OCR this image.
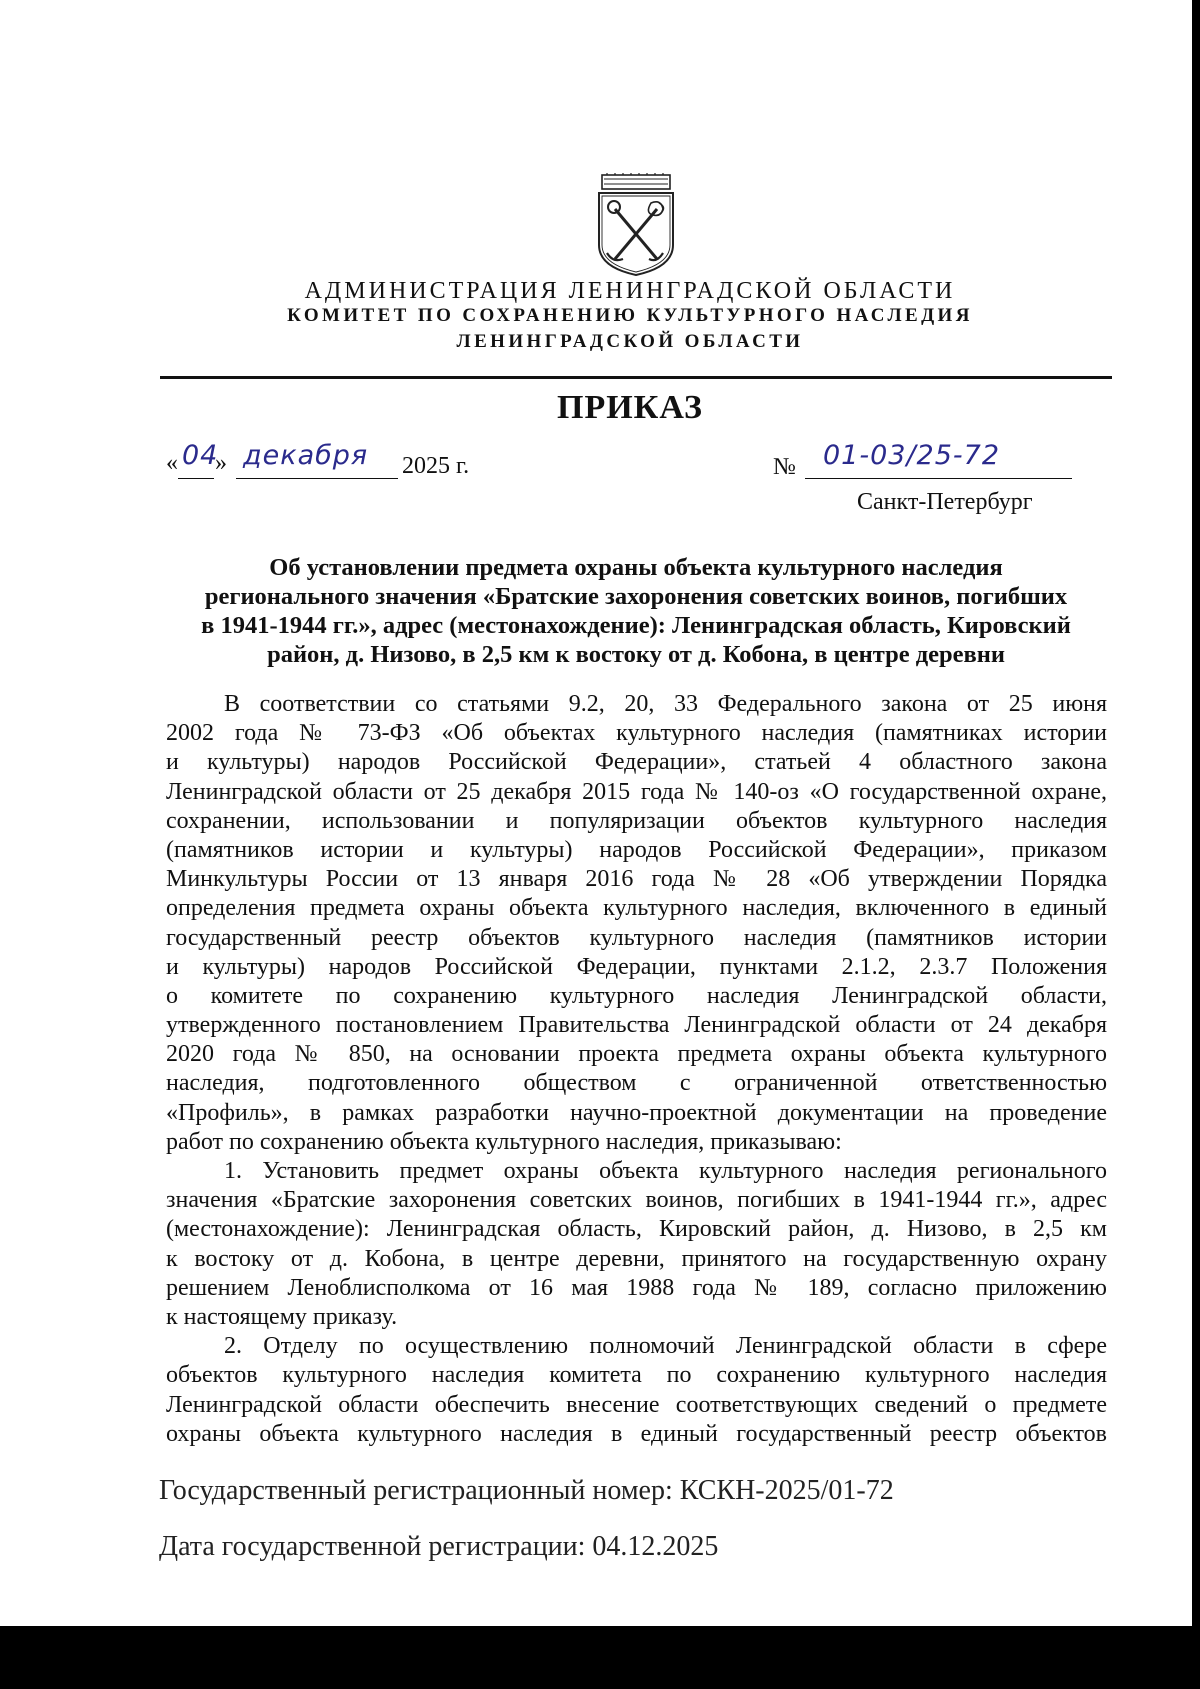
АДМИНИСТРАЦИЯ ЛЕНИНГРАДСКОЙ ОБЛАСТИ
КОМИТЕТ ПО СОХРАНЕНИЮ КУЛЬТУРНОГО НАСЛЕДИЯ
ЛЕНИНГРАДСКОЙ ОБЛАСТИ
ПРИКАЗ
« 04
» декабря 2025 г.	№ 01-03/25-72
Санкт-Петербург
Об установлении предмета охраны объекта культурного наследия
регионального значения «Братские захоронения советских воинов, погибших
в 1941-1944 гг.», адрес (местонахождение): Ленинградская область, Кировский
район, д. Низово, в 2,5 км к востоку от д. Кобона, в центре деревни
В соответствии со статьями 9.2, 20, 33 Федерального закона от 25 июня
2002 года № 73-ФЗ «Об объектах культурного наследия (памятниках истории
и культуры) народов Российской Федерации», статьей 4 областного закона
Ленинградской области от 25 декабря 2015 года № 140-оз «О государственной охране,
сохранении, использовании и популяризации объектов культурного наследия
(памятников истории и культуры) народов Российской Федерации», приказом
Минкультуры России от 13 января 2016 года № 28 «Об утверждении Порядка
определения предмета охраны объекта культурного наследия, включенного в единый
государственный реестр объектов культурного наследия (памятников истории
и культуры) народов Российской Федерации, пунктами 2.1.2, 2.3.7 Положения
о комитете по сохранению культурного наследия Ленинградской области,
утвержденного постановлением Правительства Ленинградской области от 24 декабря
2020 года № 850, на основании проекта предмета охраны объекта культурного
наследия, подготовленного обществом с ограниченной ответственностью
«Профиль», в рамках разработки научно-проектной документации на проведение
работ по сохранению объекта культурного наследия, приказываю:
1. Установить предмет охраны объекта культурного наследия регионального
значения «Братские захоронения советских воинов, погибших в 1941-1944 гг.», адрес
(местонахождение): Ленинградская область, Кировский район, д. Низово, в 2,5 км
к востоку от д. Кобона, в центре деревни, принятого на государственную охрану
решением Леноблисполкома от 16 мая 1988 года № 189, согласно приложению
к настоящему приказу.
2. Отделу по осуществлению полномочий Ленинградской области в сфере
объектов культурного наследия комитета по сохранению культурного наследия
Ленинградской области обеспечить внесение соответствующих сведений о предмете
охраны объекта культурного наследия в единый государственный реестр объектов
Государственный регистрационный номер: КСКН-2025/01-72
Дата государственной регистрации: 04.12.2025
